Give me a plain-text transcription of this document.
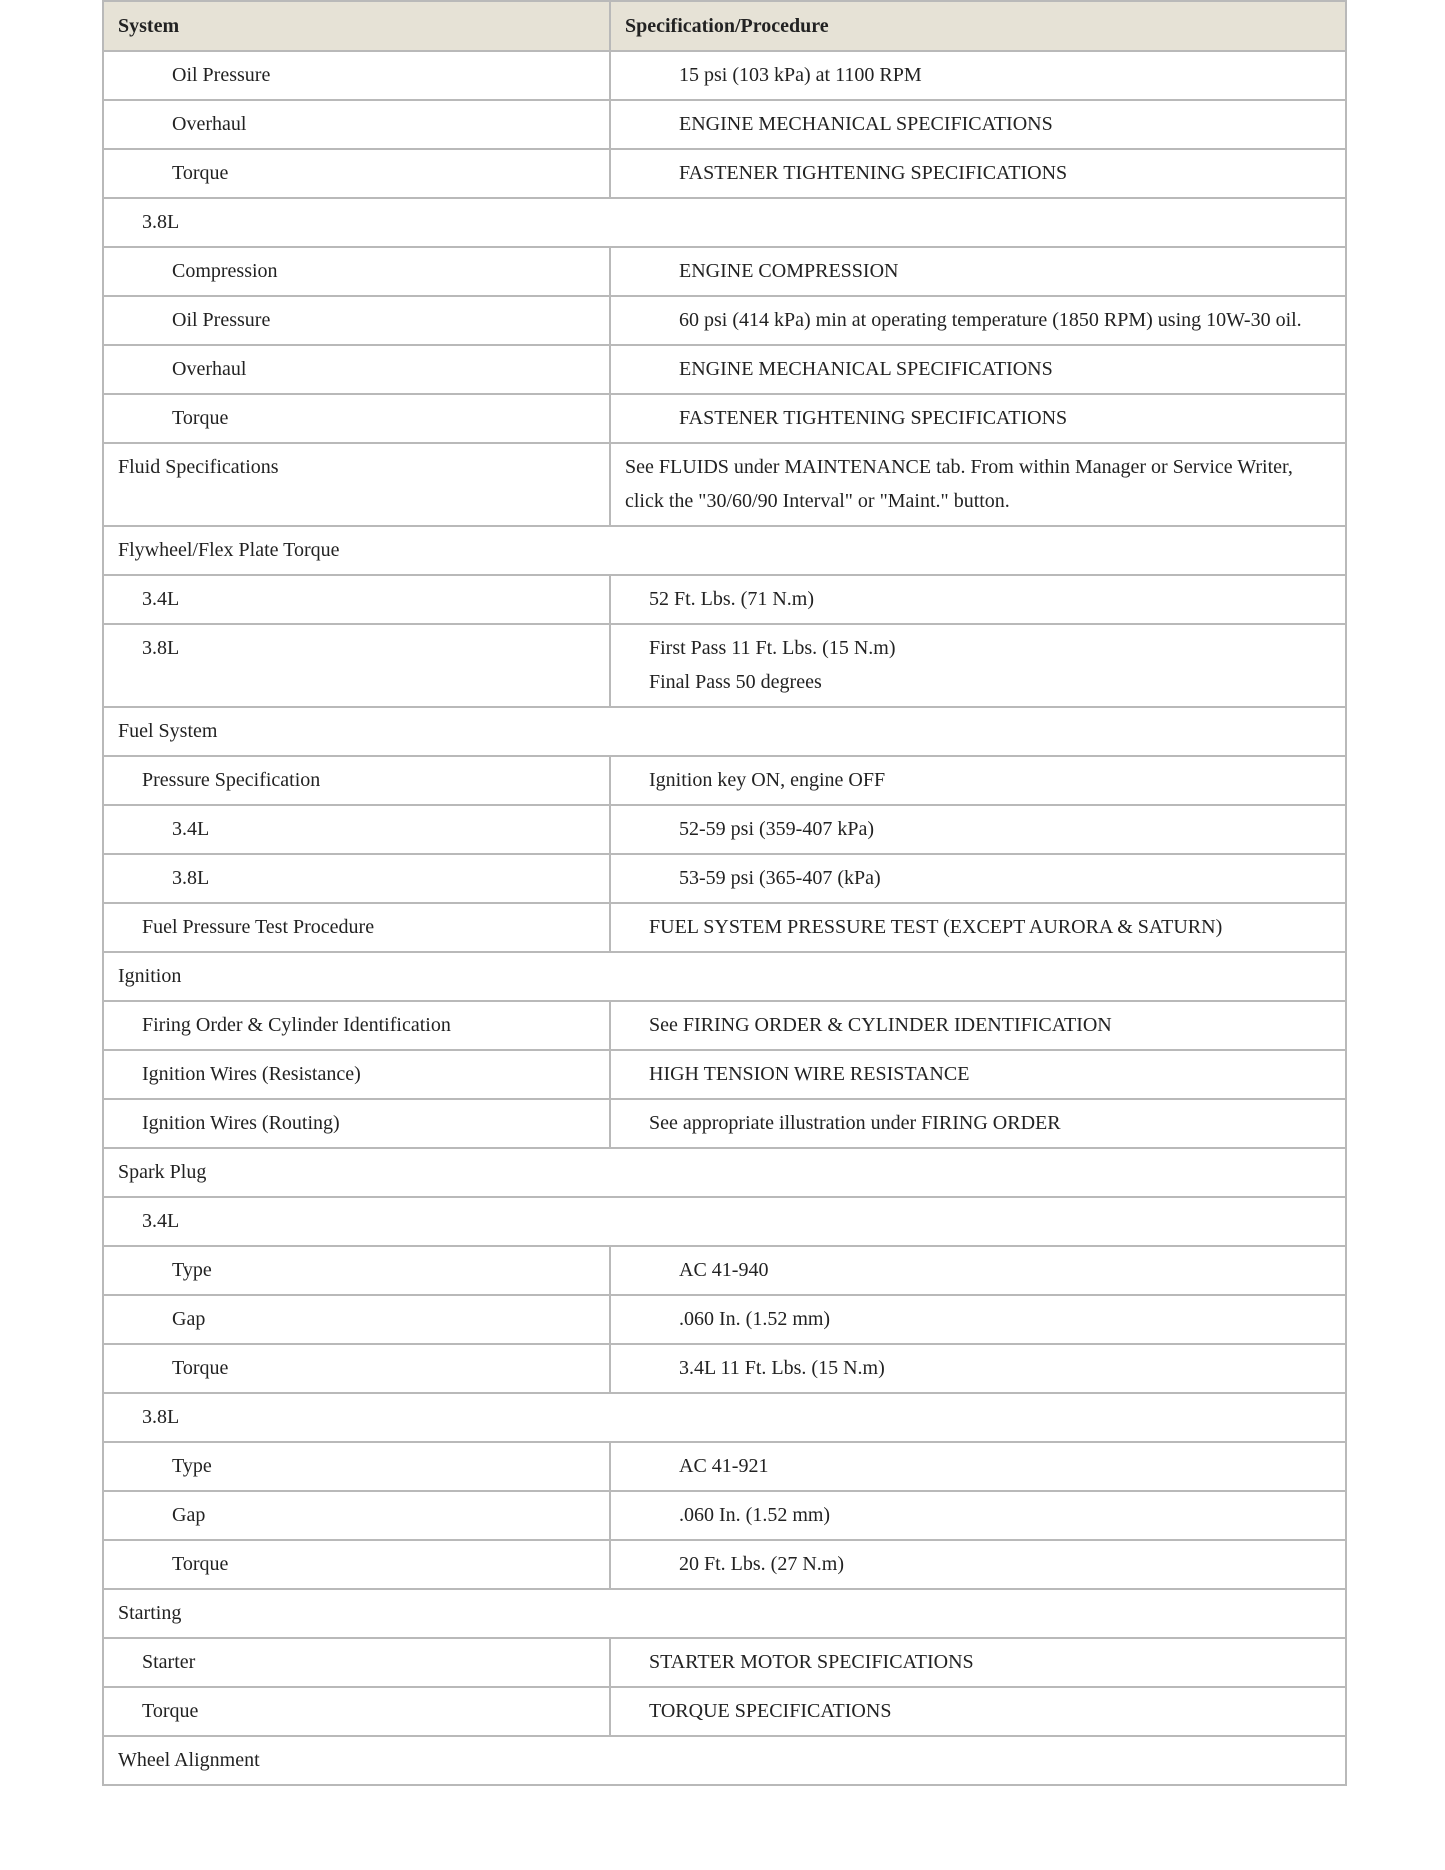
System	Specification/Procedure
Oil Pressure	15 psi (103 kPa) at 1100 RPM
Overhaul	ENGINE MECHANICAL SPECIFICATIONS
Torque	FASTENER TIGHTENING SPECIFICATIONS
3.8L	
Compression	ENGINE COMPRESSION
Oil Pressure	60 psi (414 kPa) min at operating temperature (1850 RPM) using 10W-30 oil.
Overhaul	ENGINE MECHANICAL SPECIFICATIONS
Torque	FASTENER TIGHTENING SPECIFICATIONS
Fluid Specifications	See FLUIDS under MAINTENANCE tab. From within Manager or Service Writer, click the "30/60/90 Interval" or "Maint." button.
Flywheel/Flex Plate Torque	
3.4L	52 Ft. Lbs. (71 N.m)
3.8L	First Pass 11 Ft. Lbs. (15 N.m)
Final Pass 50 degrees

Fuel System	
Pressure Specification	Ignition key ON, engine OFF
3.4L	52-59 psi (359-407 kPa)
3.8L	53-59 psi (365-407 (kPa)
Fuel Pressure Test Procedure	FUEL SYSTEM PRESSURE TEST (EXCEPT AURORA & SATURN)
Ignition	
Firing Order & Cylinder Identification	See FIRING ORDER & CYLINDER IDENTIFICATION
Ignition Wires (Resistance)	HIGH TENSION WIRE RESISTANCE
Ignition Wires (Routing)	See appropriate illustration under FIRING ORDER
Spark Plug	
3.4L	
Type	AC 41-940
Gap	.060 In. (1.52 mm)
Torque	3.4L 11 Ft. Lbs. (15 N.m)
3.8L	
Type	AC 41-921
Gap	.060 In. (1.52 mm)
Torque	20 Ft. Lbs. (27 N.m)
Starting	
Starter	STARTER MOTOR SPECIFICATIONS
Torque	TORQUE SPECIFICATIONS
Wheel Alignment	
